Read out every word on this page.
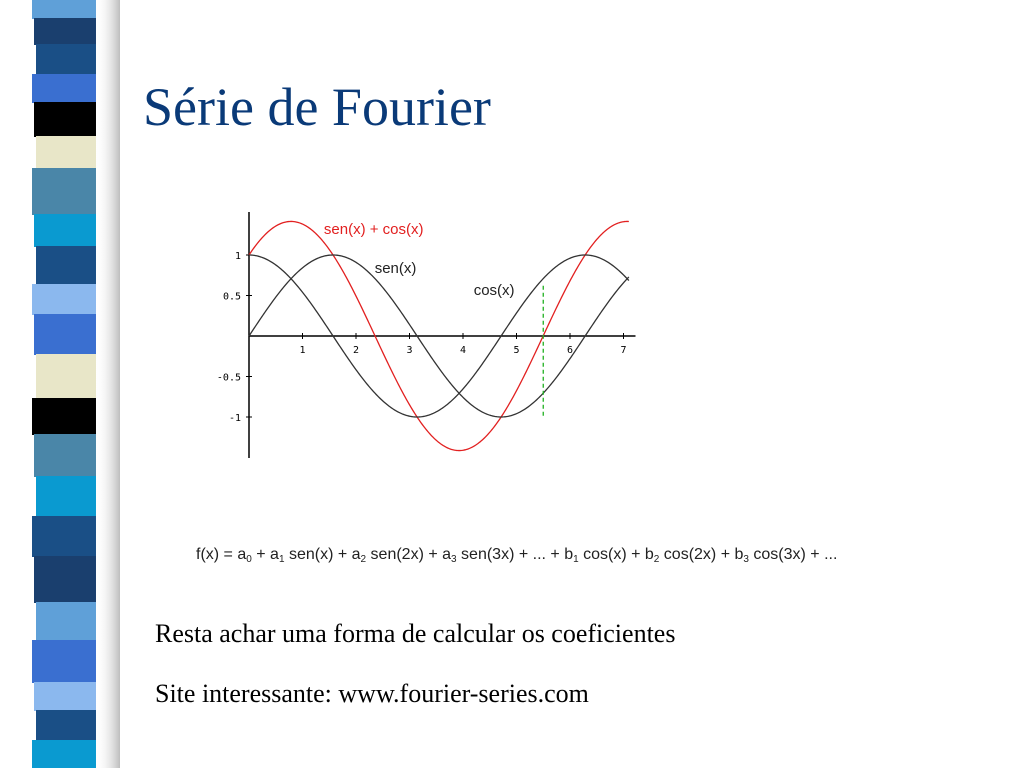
Série de Fourier
1	2	3	4	5	6	7
1
0.5
-0.5
-1
sen(x) + cos(x)
sen(x)
cos(x)
$f(x) = a_0 + a_1$ $sen(x) + a_2$ $sen(2x) + a_3$ sen(3x) + ... + $b_1$ $\cos(x) + b_2$ $\cos(2x) + b_3$ cos(3x) + ...

Resta achar uma forma de calcular os coeficientes

Site interessante: www.fourier-series.com
